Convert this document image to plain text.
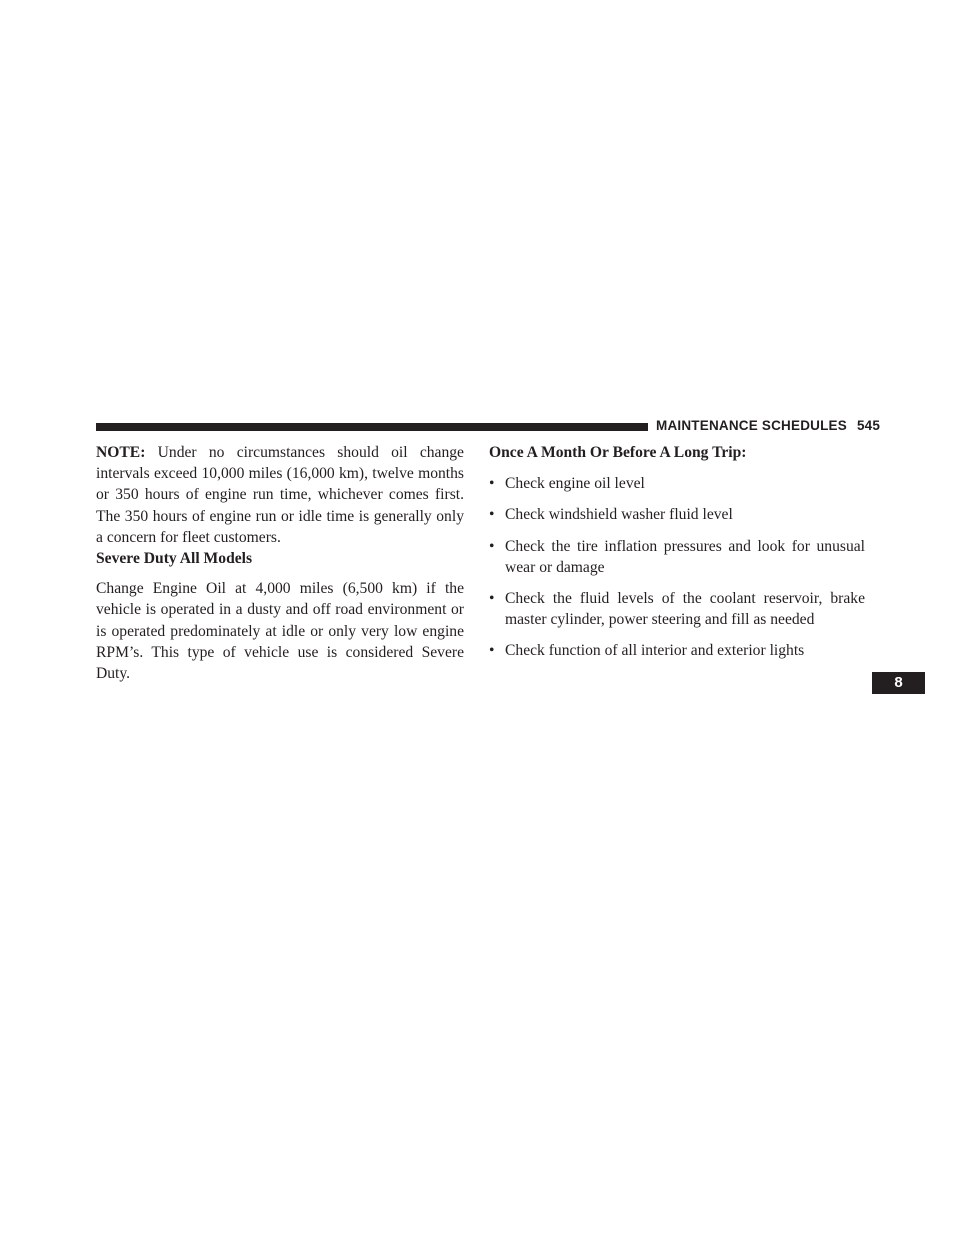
MAINTENANCE SCHEDULES 545

NOTE: Under no circumstances should oil change intervals exceed 10,000 miles (16,000 km), twelve months or 350 hours of engine run time, whichever comes first. The 350 hours of engine run or idle time is generally only a concern for fleet customers.

Severe Duty All Models

Change Engine Oil at 4,000 miles (6,500 km) if the vehicle is operated in a dusty and off road environment or is operated predominately at idle or only very low engine RPM’s. This type of vehicle use is considered Severe Duty.

Once A Month Or Before A Long Trip:

• Check engine oil level
• Check windshield washer fluid level
• Check the tire inflation pressures and look for unusual wear or damage
• Check the fluid levels of the coolant reservoir, brake master cylinder, power steering and fill as needed
• Check function of all interior and exterior lights
8
